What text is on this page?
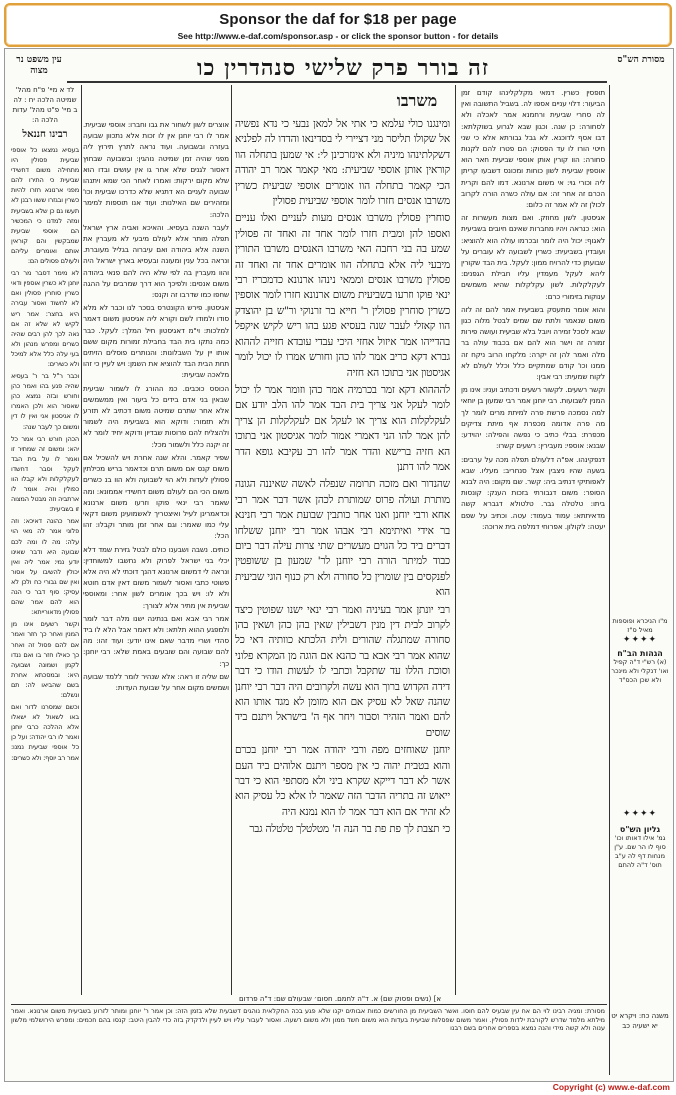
Sponsor the daf for $18 per page
See http://www.e-daf.com/sponsor.asp - or click the sponsor button - for details
מסורת הש"ס
זה בורר פרק שלישי סנהדרין כו
עין משפט נר מצוה
משרבו
לד א מיי' פ"ח מהל' שמיטה הלכה יח : לה ב מיי' פ"ט מהל' עדות הלכה ה:	ומינגנו כולי עלמא כי אתי אל למאן נבעי כי נדא נפשיה אל שקולו תליסר מני דציירי לי בסדינאו והדדו לה לפלניא דשקלתינהו מיניה ולא איגזרכינן לי: אי שמען בתחלה הוו קוראין אותן אוספי שביעית: מאי קאמר אמר רב יהודה הכי קאמר בתחלה הוו אומרים אוספי שביעית כשרין משרבו אנסים חזרו לומר אוספי שביעית פסולין

סוחרין פסולין משרבו אנסים מעות לעניים ואלו עניים ואספו להן ומבית חזרו לומר אחד זה ואחד זה פסולין שמע בה בני רחבה האי משרבו האנסים משרבו התורין מיבעי ליה אלא בתחלה הוו אומרים אחד זה ואחד זה פסולין משרבו אנסים וממאי נינהו ארנונא כדמכריז רבי ינאי פוקו וזרעו בשביעית משום ארנונא חזרו לומר אוספין כשרין סוחרין פסולין ר' חייא בר זרנוקי ור"ש בן יהוצדק הוו קאזלי לעבר שנה בעסיא פגע בהו ריש לקיש איקפל בהדייהו אמר איזול אחזי היכי עבדי עובדא חזייה לההוא גברא דקא כריב אמר להו כהן וחורש אמרו לו יכול לומר אגיסטון אני בתוכו הא חזיה

להההוא דקא זמר בכרמיה אמר כהן וזומר אמר לו יכול לומר לעקל אני צריך בית הבד אמר להו הלב יודע אם לעקלקלות הוא צריך או לעקל אם לעקלקלות הן צריך להן אמר להו הני דאמרי אמור לומר אגיסטון אני בתוכו הא חזיה ברישא והדר אמר להו רב עקיבא גופא הדר אמר להו דתנן

שהנדור ואם מזכה תרומה שנפלה לאשה שאיננה הגונה מותרת ועולה פרוס שמותרת לכהן אשר דבר אמר רבי אחא ורבי יוחנן ואנו אחר כותבין שבועת אמר רבי חנינא בר אידי ואיתימא רבי אבהו אמר רבי יוחנן ששלחו דברים ביד כל הגוים מעשרים שתי צרות עילה דבר ביום כבוד למיתר הורה רבי יוחנן לר' שמעון בן ששופטין לפנקסים בין שומרין כל סחורה ולא רק כנוף הוגי שביעית הוא

רבי יונתן אמר בעיניה ואמר רבי ינאי ישנו שפוטין כיצד לקרוב לבית דין מנין דשבילין שאין בהן כהן ושאין בהן סחורה שמתגלה שהורים ולית הלכתא כוותיה דאי כל שהוא אמר רבי אבא בר כהנא אם הוגה מן המקרא פלוני וסוכת הללו עד שתקבל וכתבי לו לעשות הודו כי דבר דידה הקדוש ברוך הוא עשה ולקרובים היה דבר רבי יוחנן שהנה שאל לא עסיק אם הוא מזומן לא מגד אותו הוא להם ואמר הזהיר וסבור ויחר אף ה' בישראל ויתנם ביד שוסים

יוחנן שאוחזים מפה ורבי יהודה אמר רבי יוחנן בכרם והוא בטבית יהוה כי אין מספר ויתנם אלוהים ביד העם אשר לא דבר דייקא שקרא ביני ולא מסתפי הוא כי דבר ייאוש זה בתריה הדבר הזה שאמר לו אלא כל עסיק הוא לא זהיר אם הוא דבר אמר לו הוא נמנא היה

כי תצבת לך פת פת בר הנה ה' מטלטלך טלטלה גבר

תופסין כשרין. דמאי מקלקלינהו קודם זמן הביעור: דלוי עניים אספו לה. בשביל התשובה ואין לה סחרי שביעית ורחמנא אמר לאכלה ולא לסחורה: כן שנה. וכגון שבא לגרוע בשוקלתא: דבו אסף לדוכנא. לא גבל גבורתא אלא כי שני חיטי הורו לו עד הפסוק: הם פטרו להם לקנות סחורה: הוו קורין אותן אוספי שביעית חאר הוא אוספין שביעית לשון כוחות ומכונס דשבעו קריתן ליה וכורי גוי: אי משום ארנונא. דמו להם וקרית הכרם זה אחר זה: אם עולה כשרה הורה לקרוב לכולן זה לא אמר זה כלום:

אגיסטון. לשון מחוזק. ואם מצות מעשרות זה הוא: כנראה ויהיו מחברות שאינם חיובים בשביעית לאגוף: יכול היה לומר ובכרמו עולה הוא להוציא: ועובדין בשביעית: כשרין לשבועה לא עוברים על שבועתן כדי להרויח ממון: לעקל. בית הבד שקורין ליהא לעקל מעמדין עליו חבילת הגפנים: לעקלקלות. לשון עקלקלות שהיא משמשים ענוקות בזימורי כרם:

והוא אומר מתעסק בשביעית אמר להם זה לזה משום שנאמר ולתת שם שמים לבטל מלוה כגון שבא לסכל זמירה ויובל בלא שביעית ועושה פירות זמורה זה וישר הוא להם אם בכבוד עולה בר מלה ואמר להן זה יקרה: מלקחו הרוב ניקח זה ממנו וכו' קודם שמתקיים כלל וכלל לעולם לא לקוח שמעית: רבי אבין:

וקשר רשעים. לקשור רשעים ודכתיב ועניו: אינו מן המנין לשבועות. רבי יוחנן אמר רבי שמעון בן יוחאי למה נסמכה פרשת פרה למיתת מרים לומר לך מה פרה אדומה מכפרת אף מיתת צדיקים מכפרת: בבלי כתיב כי נפשה והפילה: יהוידע: שבנא: אוספי: מעבירין: רשעים קשרו:

דנפקינהו. אפ"ה דלעולם תפלה מכה על ערבים: בשעה שהיו ניצבין אצל סנחריב: מעליו. שבא לאפותיקי דנתיב ביה: קשר. שם מקום: היה לבנא הסופר: משום דגבורתי בזכות הענק: קונסות ביתו: טלטלה גבר. טלטולא דגברא קשה מדאיתתא: עמוד בעמוד: עטה. וכתיב על שפם יעטה: לקולון. אפרוחי דמלפה בית ארוכה:

אוצרים לשון לשחור את גבו וחברו: אוספי שביעית. אמר לו רבי יוחנן אין לו זכות אלא נתכוון שבועה בעזרה ובשבועה. ועוד נראה לתרץ תירוץ ליה מפני שהיה זמן שמיטה נוהגין: ובשבועה שבחוץ דאסור לגנים שלא אחר גו אין עושים ובדו הוא שלא מקום ירקות: ואמרו לאחר הכי שמא ויתנהו שבועה לעניים הא דתניא שלא כדרכו שביעית וכו' ומזהירים שם האילנות: ועוד אנו תוספות למימר הלכה:

לעבר השנה בעסיא. והאיכא ואביה ארץ ישראל תפלה מותר אלא לעולם מיבעי לא מעברין את השנה אלא ביהודה ואם עיברוה בגליל מעוברת. ונראה בכל ענין ומעונה ובעסיא בארץ ישראל היה והוו מעברין בה לפי שלא היה להם פנאי ביהודה משום אנסים: ולפיכך הוא דרך שמרבים על ההגה שחפו כמו שדרבו זה וקנס:

אגיסטון. פירש הקונטרס בסכר לנו וכבר לא מלא סודו ולמודו לשם וקורא ליה אגיסטון משום דאמר למלכות: וי"מ דאגיסטון חיל המלך: לעקל. כבר כמה נתקו בית הבד בחבילת זמורות מקום ששם אותו יין על השבלונות: והנותרים פוסלים הזיתים תחת הבית הבד להוציא את השמן: ויש לעיין כי זהו מלאכה שביעית:

הכוסס כוכבים. כמ ההורג לו לשמור שביעית שבאין בני אדם בידים כל ביעור ואין ממשמשים אלא אחר שתרם שמיטה משום דכתיב לא תזרע ולא תזמור: ודוקא הוא בשביעית היה לשמור ולהצליח להם פרוסות שבדיון ודוקא יחיד לומר לא זה יקנה כלל ולשמור מכל:

שפיר קאמר. והלא שנה אחרת ויש להשכיל אם משום קנס אם משום תרם וכדאמר בריש מכילתין פסולין לעדות ולא הוי לשבועה ולא הוו בנ כשרים משום הכי הם לעולם משום דחשידי אממונא: ומה שאמר רבי ינאי פוקו וזרעו משום ארנונא וכדאמרינן לעיל ואיצטריך לאשמועינן משום דקאי עלי כמו שאמר: וגם אחר זמן מותר וקבלו: זהו הכל:

כותים. נשבה ושבענו כולם לבטל גזירת שמד דלא יכלי בני ישראל לפרוק ולא נחשבו למשוחדין: ונראה לי דמשום ארנונא דהנך דוכתי לא היה אלא פשוטי כתבי ואסור לשמור משום דאין אדם חוטא ולא לו: ויש בכך אומרים לשון אחר: ומאוספי שביעית אין מתיר אלא לצורך:

אמר רבי אבא ואם בנתינה ישנו מלה דבר לומר ולמפגע ההוא תלתא: ולא דאמר אבל הלא לו ביד סהדי ושרי מדבר שאם אינו יודע: ועוד זהו: מה להם שבועה והם שובעים באמת שלא: רבי יוחנן: כך:

שם שליה זו ראה: אלא שנהיר לומר ללמד שבועה ושמשים מקום אחר על שבועת העדות:

רבינו חננאל

בעסיא נמצאו כל אוספי שביעית פסולין היו מתחילה משום דחשידי שביעית כי התירו להם מפני ארנונא חזרו להיות כשרין ובגזרו ששוו רבנן לא תעשו גם כן שלא בשביעית ומזה למדנו כי המכשיר הם אוספי שביעית שמבקשין והם קוראין אותם ואומרים עליהם ולעולם פסולים הם:

לא מימר דסבר מר רבי יוחנן לא כשרין אוספין ודאי כשרין סוחרין פסולין ואם לא לחשוד ואסור עבירה היא בחצר: אמר ריש לקיש לא שלא זה אם נאה לכך להן רבים שהיה כשרים ומפרש מנהון ולא בעי עלה כלל אלא למיכל ולא כשירים:

וכבר ר"ל בר ר' בעסיא שהיה פגע בהו ואמר כהן וחורש ובזה נמצא כהן שאסור הוא ולכן האמרו לו אגיסטון אני ואין לו דין ומשום כך לעבר שנה:

הכהן חורש רבי אמר כל יהא: ומשום זה שמתיר זו ואמר לו על בית הבד לעקל וסבר דחשדו לעקלקלות ולא קבלו הוו כפולין והיה אומר לו ארתביה וזה מבטל המצוה זו בשביעית:

אמר כהונה דאיכא: וזה פלוני אמר לה מאי הוי עלה: מה לו ומה לכם שבועה היא ודבר שאינו יודע נמי: אמר ליה ואין יכולין להשיבו על אסור ואין שם גבורי כח ולכן לא עסיק: סוף דבר כי הנה הוא להם אמר שהם פסולין מדאורייתא:

וקשר רשעים אינו מן המנין ואחר כך חזר ואמר אם להם פסול זה ואחר כך כאילו חזר בו ואם ננדו לקמן ושמונה ושבועה היא: ובמסכתא אחרת בשם שהביאו לה: תם ונשלם:

וכשם שמסרנו לדור ואם באו לשאול לא ישאלו אלא ההלכה כרבי יוחנן ואמר לו רבי יהודה: ועל כן כל אוספי שביעית נמנו: אמר רב יוסף: ולא כשרים:

מ"ו הניכרא ופוספות מאיל ס"ז
✦✦✦✦
הגהות הב"ח
(א) רש"י ד"ה קפיל ואו' דנקלי ולא מינכר ולא שכן הכס"ד
✦✦✦✦
גליון הש"ס
גמ' אילו דאותו וכו' סוף לו הר שם. ע"ן מנחות דף לה ע"ב תוס' ד"ה להתם
א] (נשים ופסוק שם) א. ד"ה לחמם. חסום׳ שבעולם שם: ד"ה פרדום
מסורת: ומגיה רבינו לוי הם אח עין שבעיס להם חוסו. ואשר השביעית מן החורשים כמות אבותים יקנו שלא פגע בכה החקלאית נוהגים דשבעית שלא בזמן הזה: וכן אמר ר' יוחנן ומותר לזרוע בשביעית משום ארנונא. ואמר מילתא מלמד שדרש לקורבת ילדות פסולין. ואמר משום שפסלות שביעית בעדות הוא משום חשד ממון ולא משום רשעה. ואסור לעבור עליו ויש לעיין ולדקדק בזה כדי להבין היטב: קנסו בהם חכמים: ומפרש הירושלמי מלשון ענוה ולא קשה מידי והנה נמצא בספרים אחרים בשם רבנו
משנה כח: ויקרא יט יא ישעיה כב
Copyright (c) www.e-daf.com
